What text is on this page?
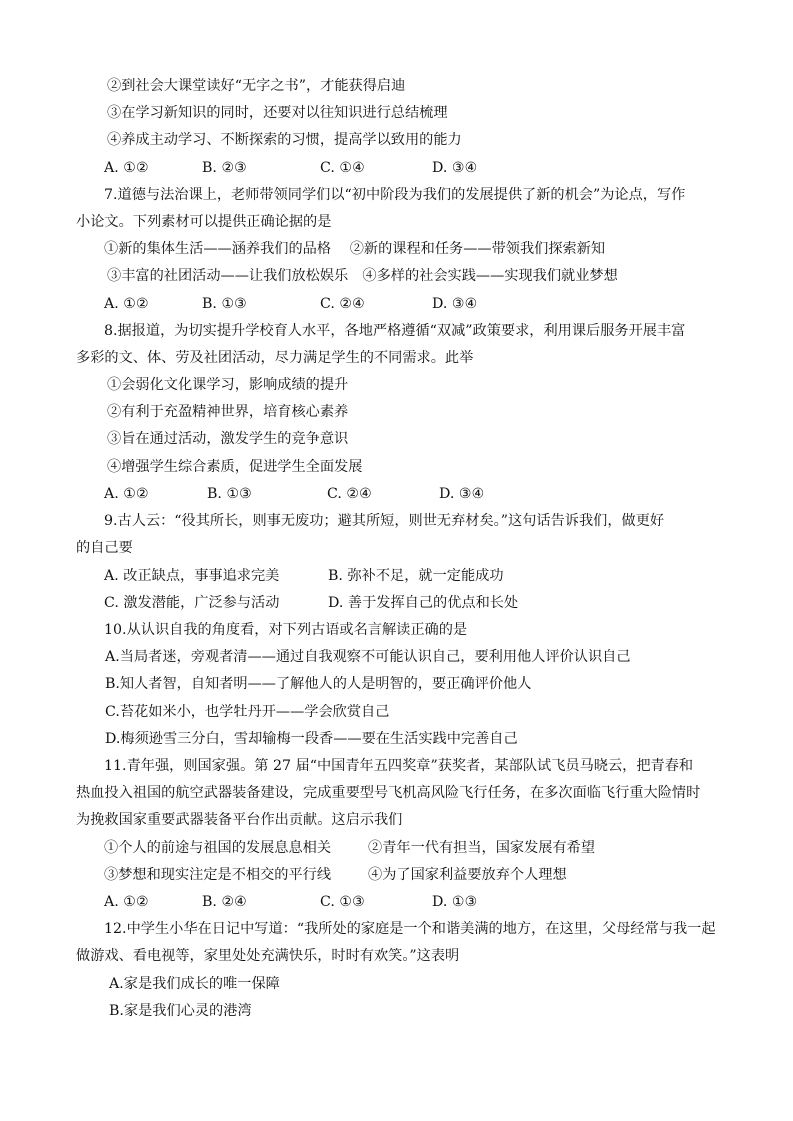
②到社会大课堂读好“无字之书”，才能获得启迪
③在学习新知识的同时，还要对以往知识进行总结梳理
④养成主动学习、不断探索的习惯，提高学以致用的能力
A. ①②	B. ②③	C. ①④	D. ③④
7.道德与法治课上，老师带领同学们以“初中阶段为我们的发展提供了新的机会”为论点，写作
小论文。下列素材可以提供正确论据的是
①新的集体生活——涵养我们的品格　 ②新的课程和任务——带领我们探索新知
③丰富的社团活动——让我们放松娱乐　④多样的社会实践——实现我们就业梦想
A. ①②	B. ①③	C. ②④	D. ③④
8.据报道，为切实提升学校育人水平，各地严格遵循“双减”政策要求，利用课后服务开展丰富
多彩的文、体、劳及社团活动，尽力满足学生的不同需求。此举
①会弱化文化课学习，影响成绩的提升
②有利于充盈精神世界，培育核心素养
③旨在通过活动，激发学生的竞争意识
④增强学生综合素质，促进学生全面发展
A. ①②	B. ①③	C. ②④	D. ③④
9.古人云：“役其所长，则事无废功；避其所短，则世无弃材矣。”这句话告诉我们，做更好
的自己要
A. 改正缺点，事事追求完美	B. 弥补不足，就一定能成功
C. 激发潜能，广泛参与活动	D. 善于发挥自己的优点和长处
10.从认识自我的角度看，对下列古语或名言解读正确的是
A.当局者迷，旁观者清——通过自我观察不可能认识自己，要利用他人评价认识自己
B.知人者智，自知者明——了解他人的人是明智的，要正确评价他人
C.苔花如米小，也学牡丹开——学会欣赏自己
D.梅须逊雪三分白，雪却输梅一段香——要在生活实践中完善自己
11.青年强，则国家强。第 27 届“中国青年五四奖章”获奖者，某部队试飞员马晓云，把青春和
热血投入祖国的航空武器装备建设，完成重要型号飞机高风险飞行任务，在多次面临飞行重大险情时
为挽救国家重要武器装备平台作出贡献。这启示我们
①个人的前途与祖国的发展息息相关	②青年一代有担当，国家发展有希望
③梦想和现实注定是不相交的平行线	④为了国家利益要放弃个人理想
A. ①②	B. ②④	C. ①③	D. ①③
12.中学生小华在日记中写道：“我所处的家庭是一个和谐美满的地方，在这里，父母经常与我一起
做游戏、看电视等，家里处处充满快乐，时时有欢笑。”这表明
A.家是我们成长的唯一保障
B.家是我们心灵的港湾
